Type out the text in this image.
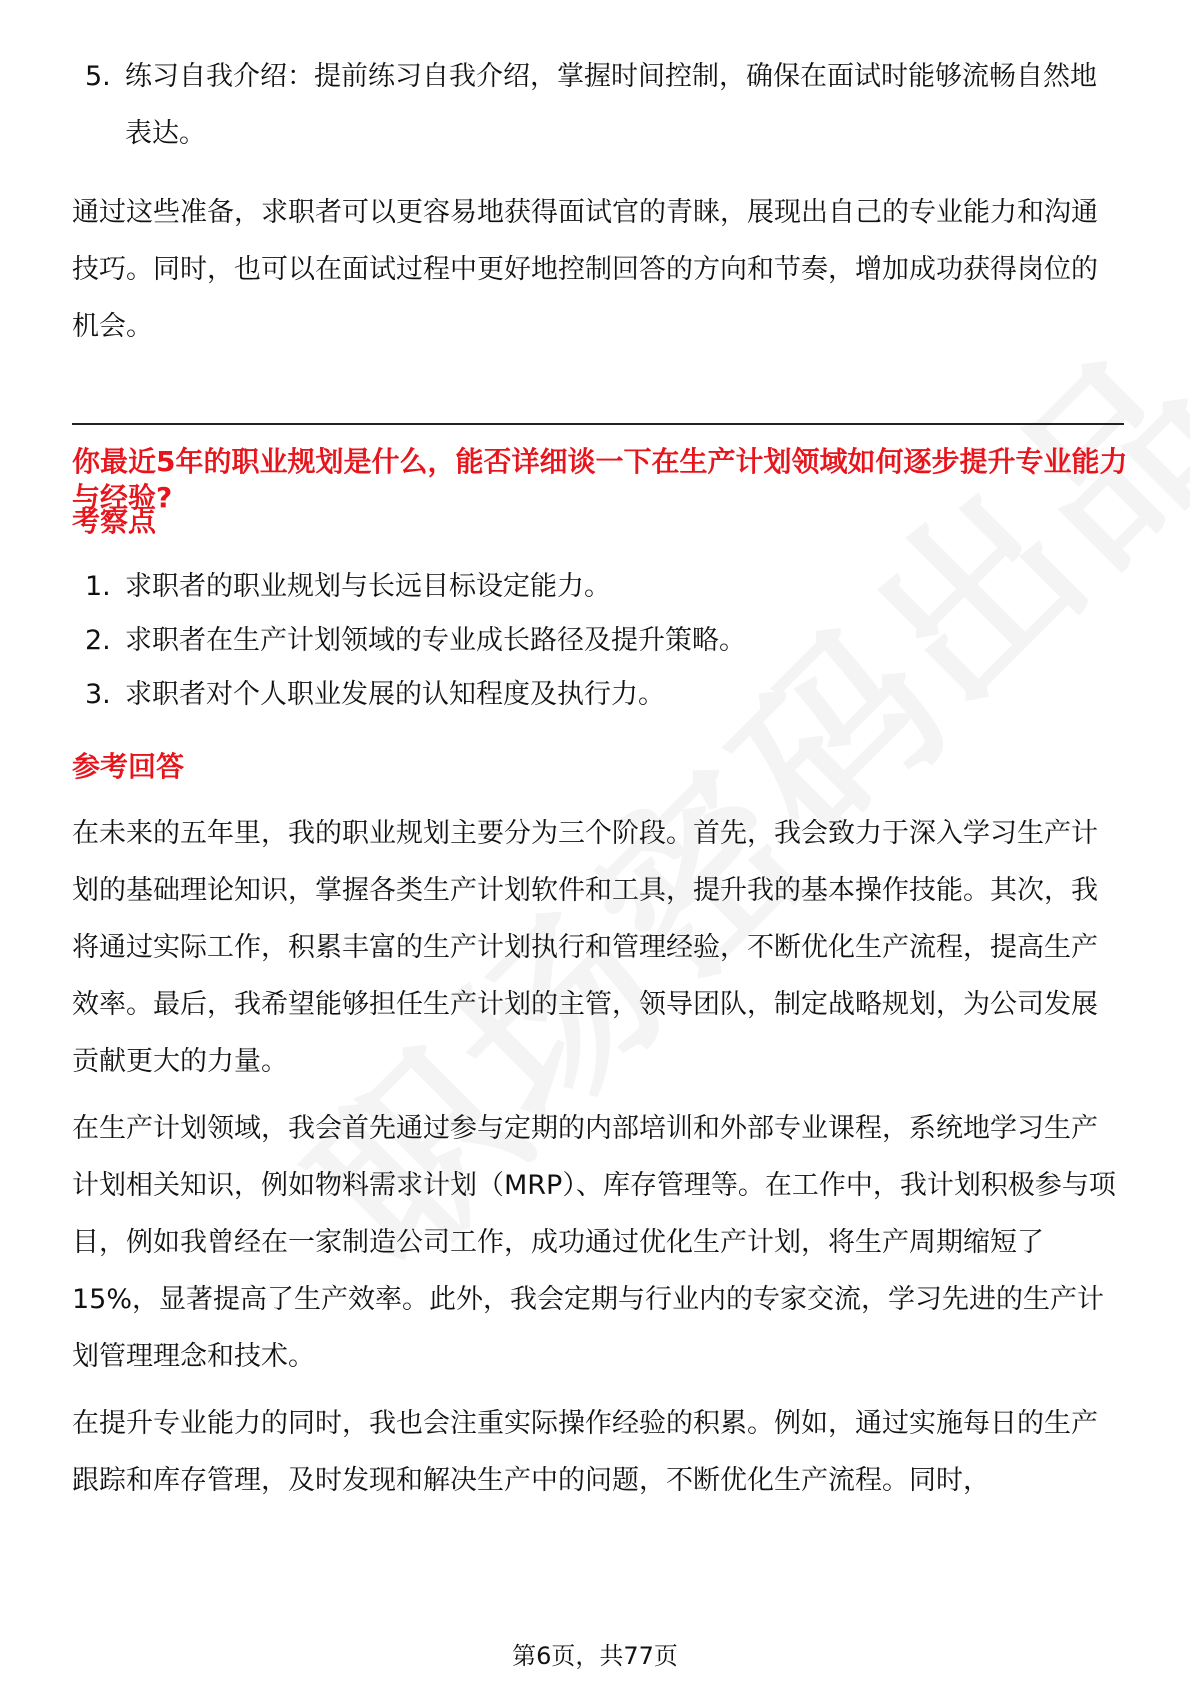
5. 练习自我介绍：提前练习自我介绍，掌握时间控制，确保在面试时能够流畅自然地表达。
通过这些准备，求职者可以更容易地获得面试官的青睐，展现出自己的专业能力和沟通技巧。同时，也可以在面试过程中更好地控制回答的方向和节奏，增加成功获得岗位的机会。
你最近5年的职业规划是什么，能否详细谈一下在生产计划领域如何逐步提升专业能力与经验?
考察点
1. 求职者的职业规划与长远目标设定能力。
2. 求职者在生产计划领域的专业成长路径及提升策略。
3. 求职者对个人职业发展的认知程度及执行力。
参考回答
在未来的五年里，我的职业规划主要分为三个阶段。首先，我会致力于深入学习生产计划的基础理论知识，掌握各类生产计划软件和工具，提升我的基本操作技能。其次，我将通过实际工作，积累丰富的生产计划执行和管理经验，不断优化生产流程，提高生产效率。最后，我希望能够担任生产计划的主管，领导团队，制定战略规划，为公司发展贡献更大的力量。
在生产计划领域，我会首先通过参与定期的内部培训和外部专业课程，系统地学习生产计划相关知识，例如物料需求计划（MRP）、库存管理等。在工作中，我计划积极参与项目，例如我曾经在一家制造公司工作，成功通过优化生产计划，将生产周期缩短了15%，显著提高了生产效率。此外，我会定期与行业内的专家交流，学习先进的生产计划管理理念和技术。
在提升专业能力的同时，我也会注重实际操作经验的积累。例如，通过实施每日的生产跟踪和库存管理，及时发现和解决生产中的问题，不断优化生产流程。同时，
第6页，共77页
